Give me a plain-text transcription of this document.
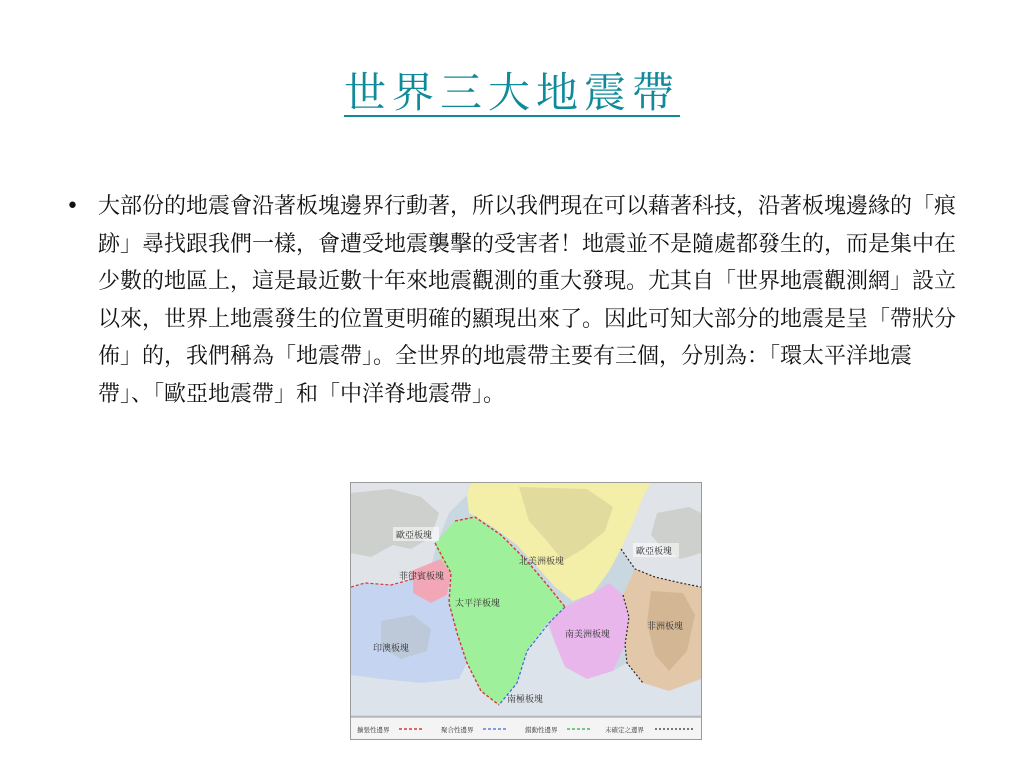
世界三大地震帶
• 大部份的地震會沿著板塊邊界行動著，所以我們現在可以藉著科技，沿著板塊邊緣的「痕跡」尋找跟我們一樣，會遭受地震襲擊的受害者！地震並不是隨處都發生的，而是集中在少數的地區上，這是最近數十年來地震觀測的重大發現。尤其自「世界地震觀測網」設立以來，世界上地震發生的位置更明確的顯現出來了。因此可知大部分的地震是呈「帶狀分佈」的，我們稱為「地震帶」。全世界的地震帶主要有三個，分別為：「環太平洋地震帶」、「歐亞地震帶」和「中洋脊地震帶」。

歐亞板塊
菲律賓板塊
太平洋板塊
北美洲板塊
歐亞板塊
南美洲板塊
非洲板塊
印澳板塊
南極板塊
擴張性邊界	聚合性邊界	錯動性邊界	未確定之邊界
